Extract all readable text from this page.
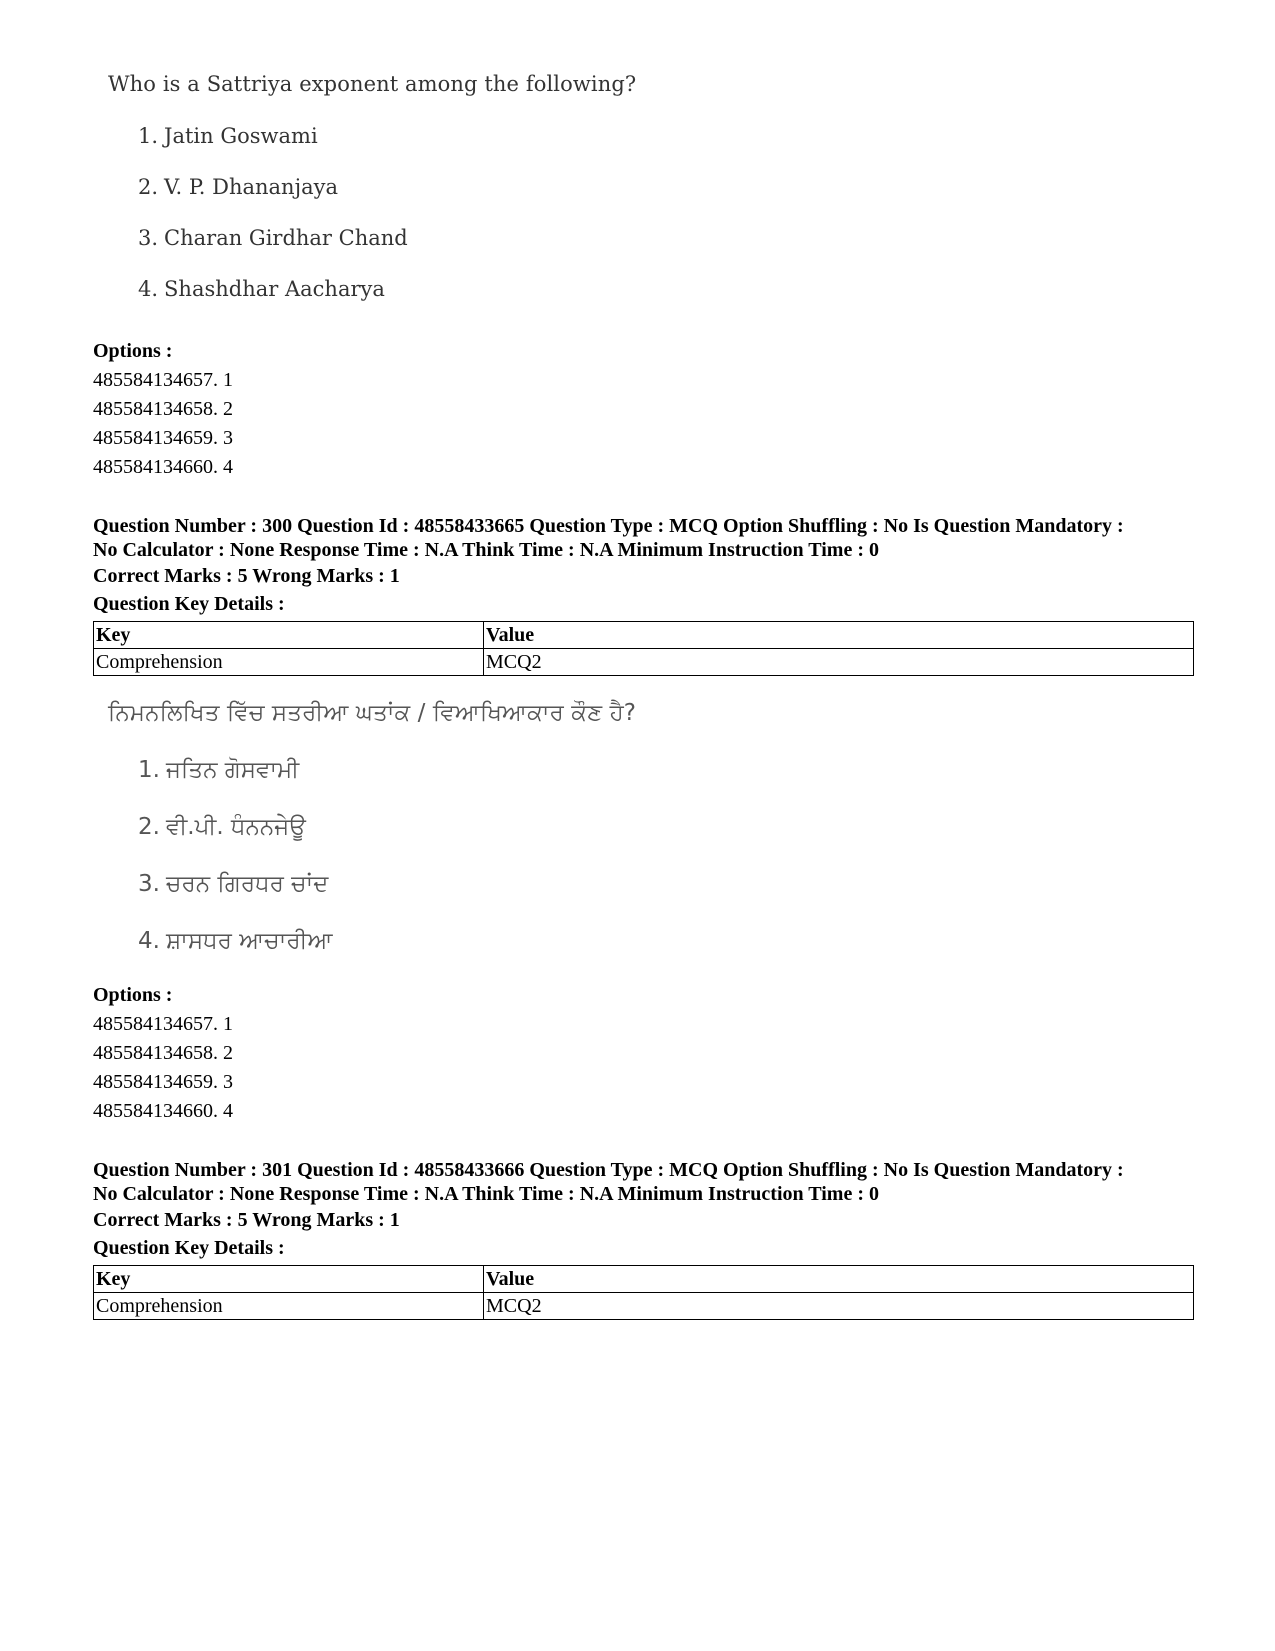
Who is a Sattriya exponent among the following?
1. Jatin Goswami
2. V. P. Dhananjaya
3. Charan Girdhar Chand
4. Shashdhar Aacharya
Options :
485584134657. 1
485584134658. 2
485584134659. 3
485584134660. 4
Question Number : 300 Question Id : 48558433665 Question Type : MCQ Option Shuffling : No Is Question Mandatory :
No Calculator : None Response Time : N.A Think Time : N.A Minimum Instruction Time : 0
Correct Marks : 5 Wrong Marks : 1
Question Key Details :
Key	Value
Comprehension	MCQ2
ਨਿਮਨਲਿਖਿਤ ਵਿੱਚ ਸਤਰੀਆ ਘਤਾਂਕ / ਵਿਆਖਿਆਕਾਰ ਕੌਣ ਹੈ?
1. ਜਤਿਨ ਗੋਸਵਾਮੀ
2. ਵੀ.ਪੀ. ਧੰਨਨਜੇਊ
3. ਚਰਨ ਗਿਰਧਰ ਚਾਂਦ
4. ਸ਼ਾਸਧਰ ਆਚਾਰੀਆ
Options :
485584134657. 1
485584134658. 2
485584134659. 3
485584134660. 4
Question Number : 301 Question Id : 48558433666 Question Type : MCQ Option Shuffling : No Is Question Mandatory :
No Calculator : None Response Time : N.A Think Time : N.A Minimum Instruction Time : 0
Correct Marks : 5 Wrong Marks : 1
Question Key Details :
Key	Value
Comprehension	MCQ2
